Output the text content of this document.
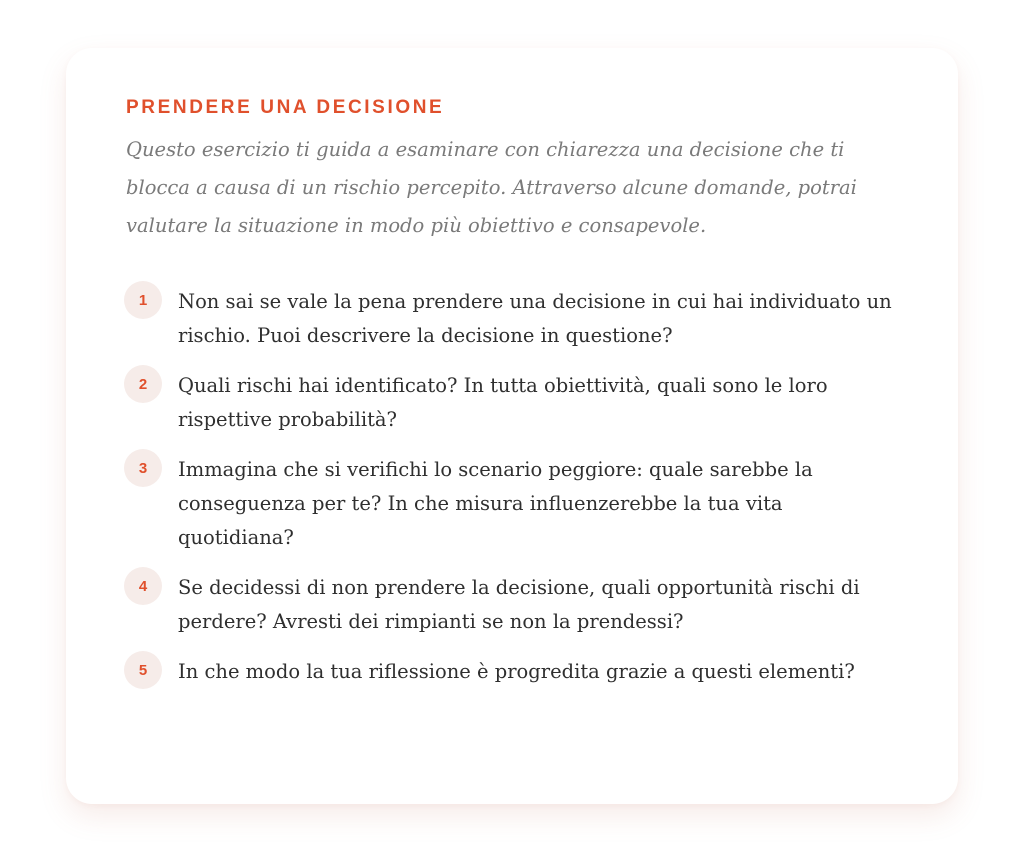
PRENDERE UNA DECISIONE

Questo esercizio ti guida a esaminare con chiarezza una decisione che ti blocca a causa di un rischio percepito. Attraverso alcune domande, potrai valutare la situazione in modo più obiettivo e consapevole.

1	Non sai se vale la pena prendere una decisione in cui hai individuato un rischio. Puoi descrivere la decisione in questione?
2	Quali rischi hai identificato? In tutta obiettività, quali sono le loro rispettive probabilità?
3	Immagina che si verifichi lo scenario peggiore: quale sarebbe la conseguenza per te? In che misura influenzerebbe la tua vita quotidiana?
4	Se decidessi di non prendere la decisione, quali opportunità rischi di perdere? Avresti dei rimpianti se non la prendessi?
5	In che modo la tua riflessione è progredita grazie a questi elementi?
